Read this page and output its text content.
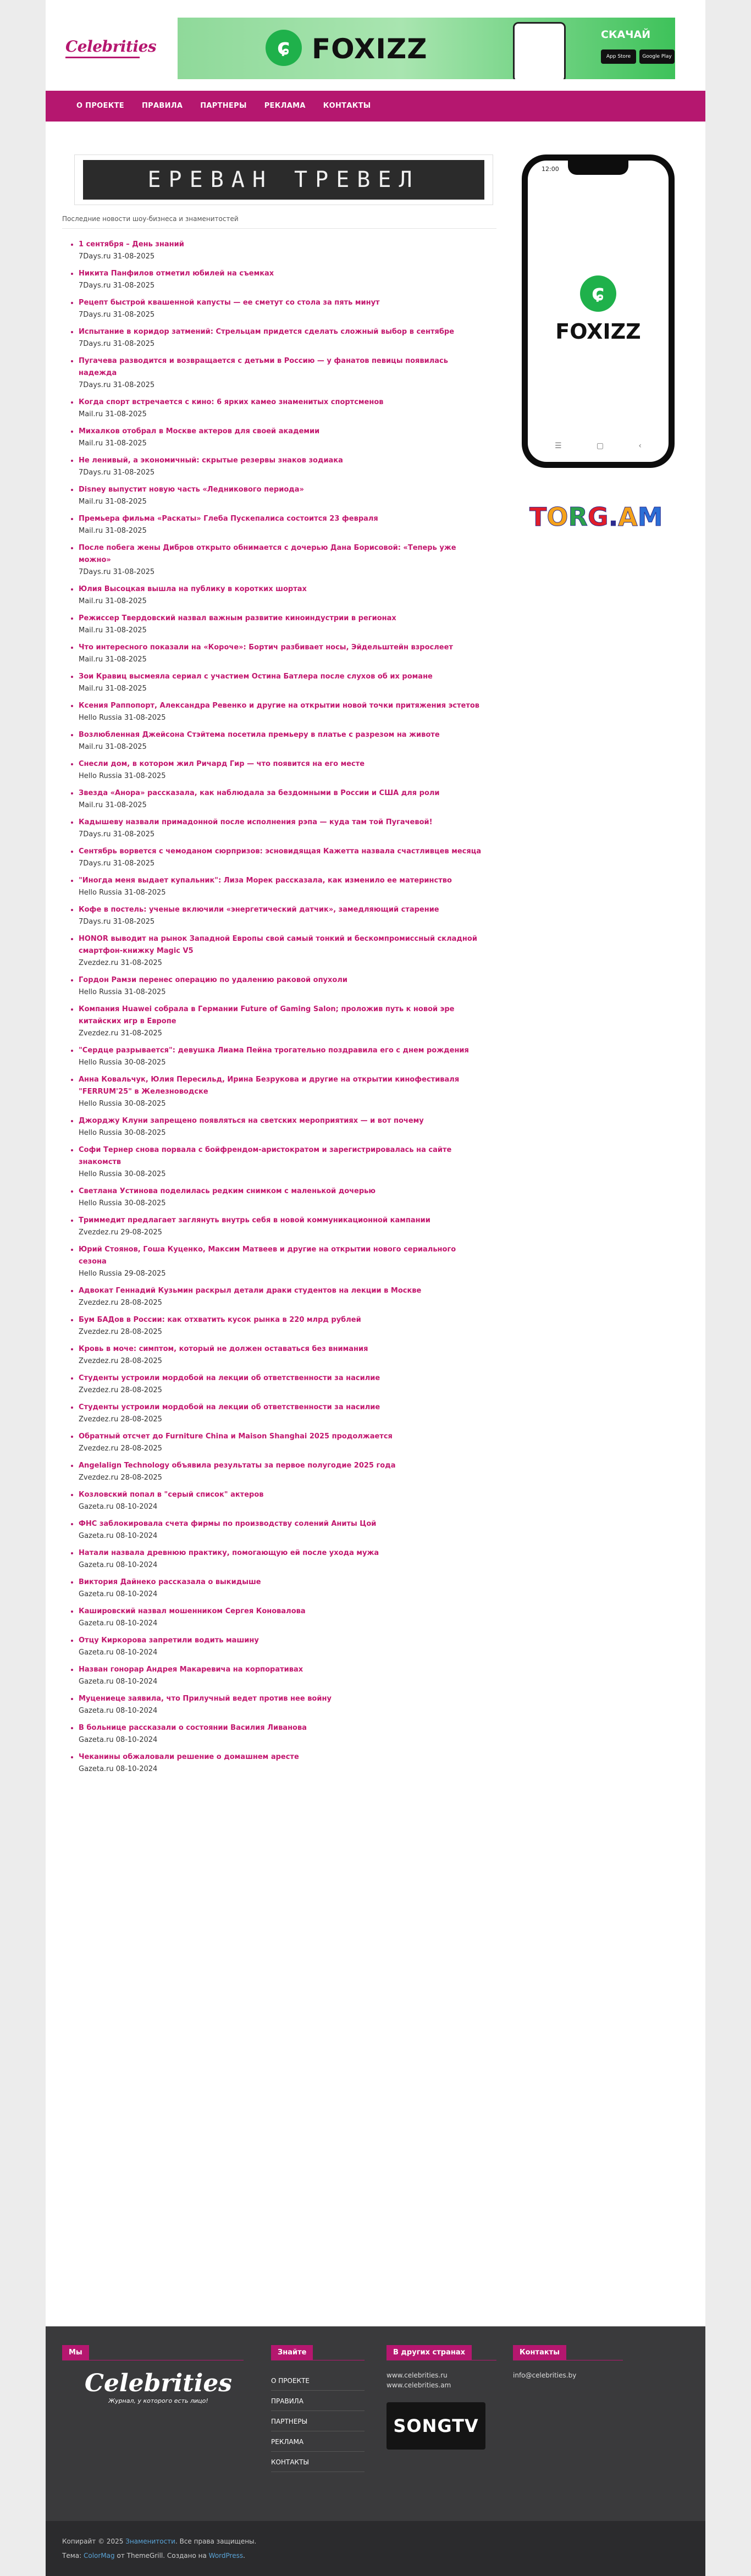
Celebrities	ɕ FOXIZZ	СКАЧАЙ
App Store	Google Play
О ПРОЕКТЕ	ПРАВИЛА	ПАРТНЕРЫ	РЕКЛАМА	КОНТАКТЫ
ЕРЕВАН ТРЕВЕЛ
Последние новости шоу-бизнеса и знаменитостей
• 1 сентября – День знаний
7Days.ru 31-08-2025
• Никита Панфилов отметил юбилей на съемках
7Days.ru 31-08-2025
• Рецепт быстрой квашенной капусты — ее сметут со стола за пять минут
7Days.ru 31-08-2025
• Испытание в коридор затмений: Стрельцам придется сделать сложный выбор в сентябре
7Days.ru 31-08-2025
• Пугачева разводится и возвращается с детьми в Россию — у фанатов певицы появилась надежда
7Days.ru 31-08-2025
• Когда спорт встречается с кино: 6 ярких камео знаменитых спортсменов
Mail.ru 31-08-2025
• Михалков отобрал в Москве актеров для своей академии
Mail.ru 31-08-2025
• Не ленивый, а экономичный: скрытые резервы знаков зодиака
7Days.ru 31-08-2025
• Disney выпустит новую часть «Ледникового периода»
Mail.ru 31-08-2025
• Премьера фильма «Раскаты» Глеба Пускепалиса состоится 23 февраля
Mail.ru 31-08-2025
• После побега жены Дибров открыто обнимается с дочерью Дана Борисовой: «Теперь уже можно»
7Days.ru 31-08-2025
• Юлия Высоцкая вышла на публику в коротких шортах
Mail.ru 31-08-2025
• Режиссер Твердовский назвал важным развитие киноиндустрии в регионах
Mail.ru 31-08-2025
• Что интересного показали на «Короче»: Бортич разбивает носы, Эйдельштейн взрослеет
Mail.ru 31-08-2025
• Зои Кравиц высмеяла сериал с участием Остина Батлера после слухов об их романе
Mail.ru 31-08-2025
• Ксения Раппопорт, Александра Ревенко и другие на открытии новой точки притяжения эстетов
Hello Russia 31-08-2025
• Возлюбленная Джейсона Стэйтема посетила премьеру в платье с разрезом на животе
Mail.ru 31-08-2025
• Снесли дом, в котором жил Ричард Гир — что появится на его месте
Hello Russia 31-08-2025
• Звезда «Анора» рассказала, как наблюдала за бездомными в России и США для роли
Mail.ru 31-08-2025
• Кадышеву назвали примадонной после исполнения рэпа — куда там той Пугачевой!
7Days.ru 31-08-2025
• Сентябрь ворвется с чемоданом сюрпризов: эсновидящая Кажетта назвала счастливцев месяца
7Days.ru 31-08-2025
• "Иногда меня выдает купальник": Лиза Морек рассказала, как изменило ее материнство
Hello Russia 31-08-2025
• Кофе в постель: ученые включили «энергетический датчик», замедляющий старение
7Days.ru 31-08-2025
• HONOR выводит на рынок Западной Европы свой самый тонкий и бескомпромиссный складной смартфон-книжку Magic V5
Zvezdez.ru 31-08-2025
• Гордон Рамзи перенес операцию по удалению раковой опухоли
Hello Russia 31-08-2025
• Компания Huawei собрала в Германии Future of Gaming Salon; проложив путь к новой эре китайских игр в Европе
Zvezdez.ru 31-08-2025
• "Сердце разрывается": девушка Лиама Пейна трогательно поздравила его с днем рождения
Hello Russia 30-08-2025
• Анна Ковальчук, Юлия Пересильд, Ирина Безрукова и другие на открытии кинофестиваля "FERRUM'25" в Железноводске
Hello Russia 30-08-2025
• Джорджу Клуни запрещено появляться на светских мероприятиях — и вот почему
Hello Russia 30-08-2025
• Софи Тернер снова порвала с бойфрендом-аристократом и зарегистрировалась на сайте знакомств
Hello Russia 30-08-2025
• Светлана Устинова поделилась редким снимком с маленькой дочерью
Hello Russia 30-08-2025
• Триммедит предлагает заглянуть внутрь себя в новой коммуникационной кампании
Zvezdez.ru 29-08-2025
• Юрий Стоянов, Гоша Куценко, Максим Матвеев и другие на открытии нового сериального сезона
Hello Russia 29-08-2025
• Адвокат Геннадий Кузьмин раскрыл детали драки студентов на лекции в Москве
Zvezdez.ru 28-08-2025
• Бум БАДов в России: как отхватить кусок рынка в 220 млрд рублей
Zvezdez.ru 28-08-2025
• Кровь в моче: симптом, который не должен оставаться без внимания
Zvezdez.ru 28-08-2025
• Студенты устроили мордобой на лекции об ответственности за насилие
Zvezdez.ru 28-08-2025
• Студенты устроили мордобой на лекции об ответственности за насилие
Zvezdez.ru 28-08-2025
• Обратный отсчет до Furniture China и Maison Shanghai 2025 продолжается
Zvezdez.ru 28-08-2025
• Angelalign Technology объявила результаты за первое полугодие 2025 года
Zvezdez.ru 28-08-2025
• Козловский попал в "серый список" актеров
Gazeta.ru 08-10-2024
• ФНС заблокировала счета фирмы по производству солений Аниты Цой
Gazeta.ru 08-10-2024
• Натали назвала древнюю практику, помогающую ей после ухода мужа
Gazeta.ru 08-10-2024
• Виктория Дайнеко рассказала о выкидыше
Gazeta.ru 08-10-2024
• Кашировский назвал мошенником Сергея Коновалова
Gazeta.ru 08-10-2024
• Отцу Киркорова запретили водить машину
Gazeta.ru 08-10-2024
• Назван гонорар Андрея Макаревича на корпоративах
Gazeta.ru 08-10-2024
• Муцениеце заявила, что Прилучный ведет против нее войну
Gazeta.ru 08-10-2024
• В больнице рассказали о состоянии Василия Ливанова
Gazeta.ru 08-10-2024
• Чеканины обжаловали решение о домашнем аресте
Gazeta.ru 08-10-2024
12:00
ɕ
FOXIZZ
☰	▢	‹
TORG.AM
Мы
Celebrities
Журнал, у которого есть лицо!
Знайте
О ПРОЕКТЕ
ПРАВИЛА
ПАРТНЕРЫ
РЕКЛАМА
КОНТАКТЫ
В других странах
www.celebrities.ru
www.celebrities.am
SONGTV
Контакты
info@celebrities.by
Копирайт © 2025 Знаменитости. Все права защищены.
Тема: ColorMag от ThemeGrill. Создано на WordPress.
